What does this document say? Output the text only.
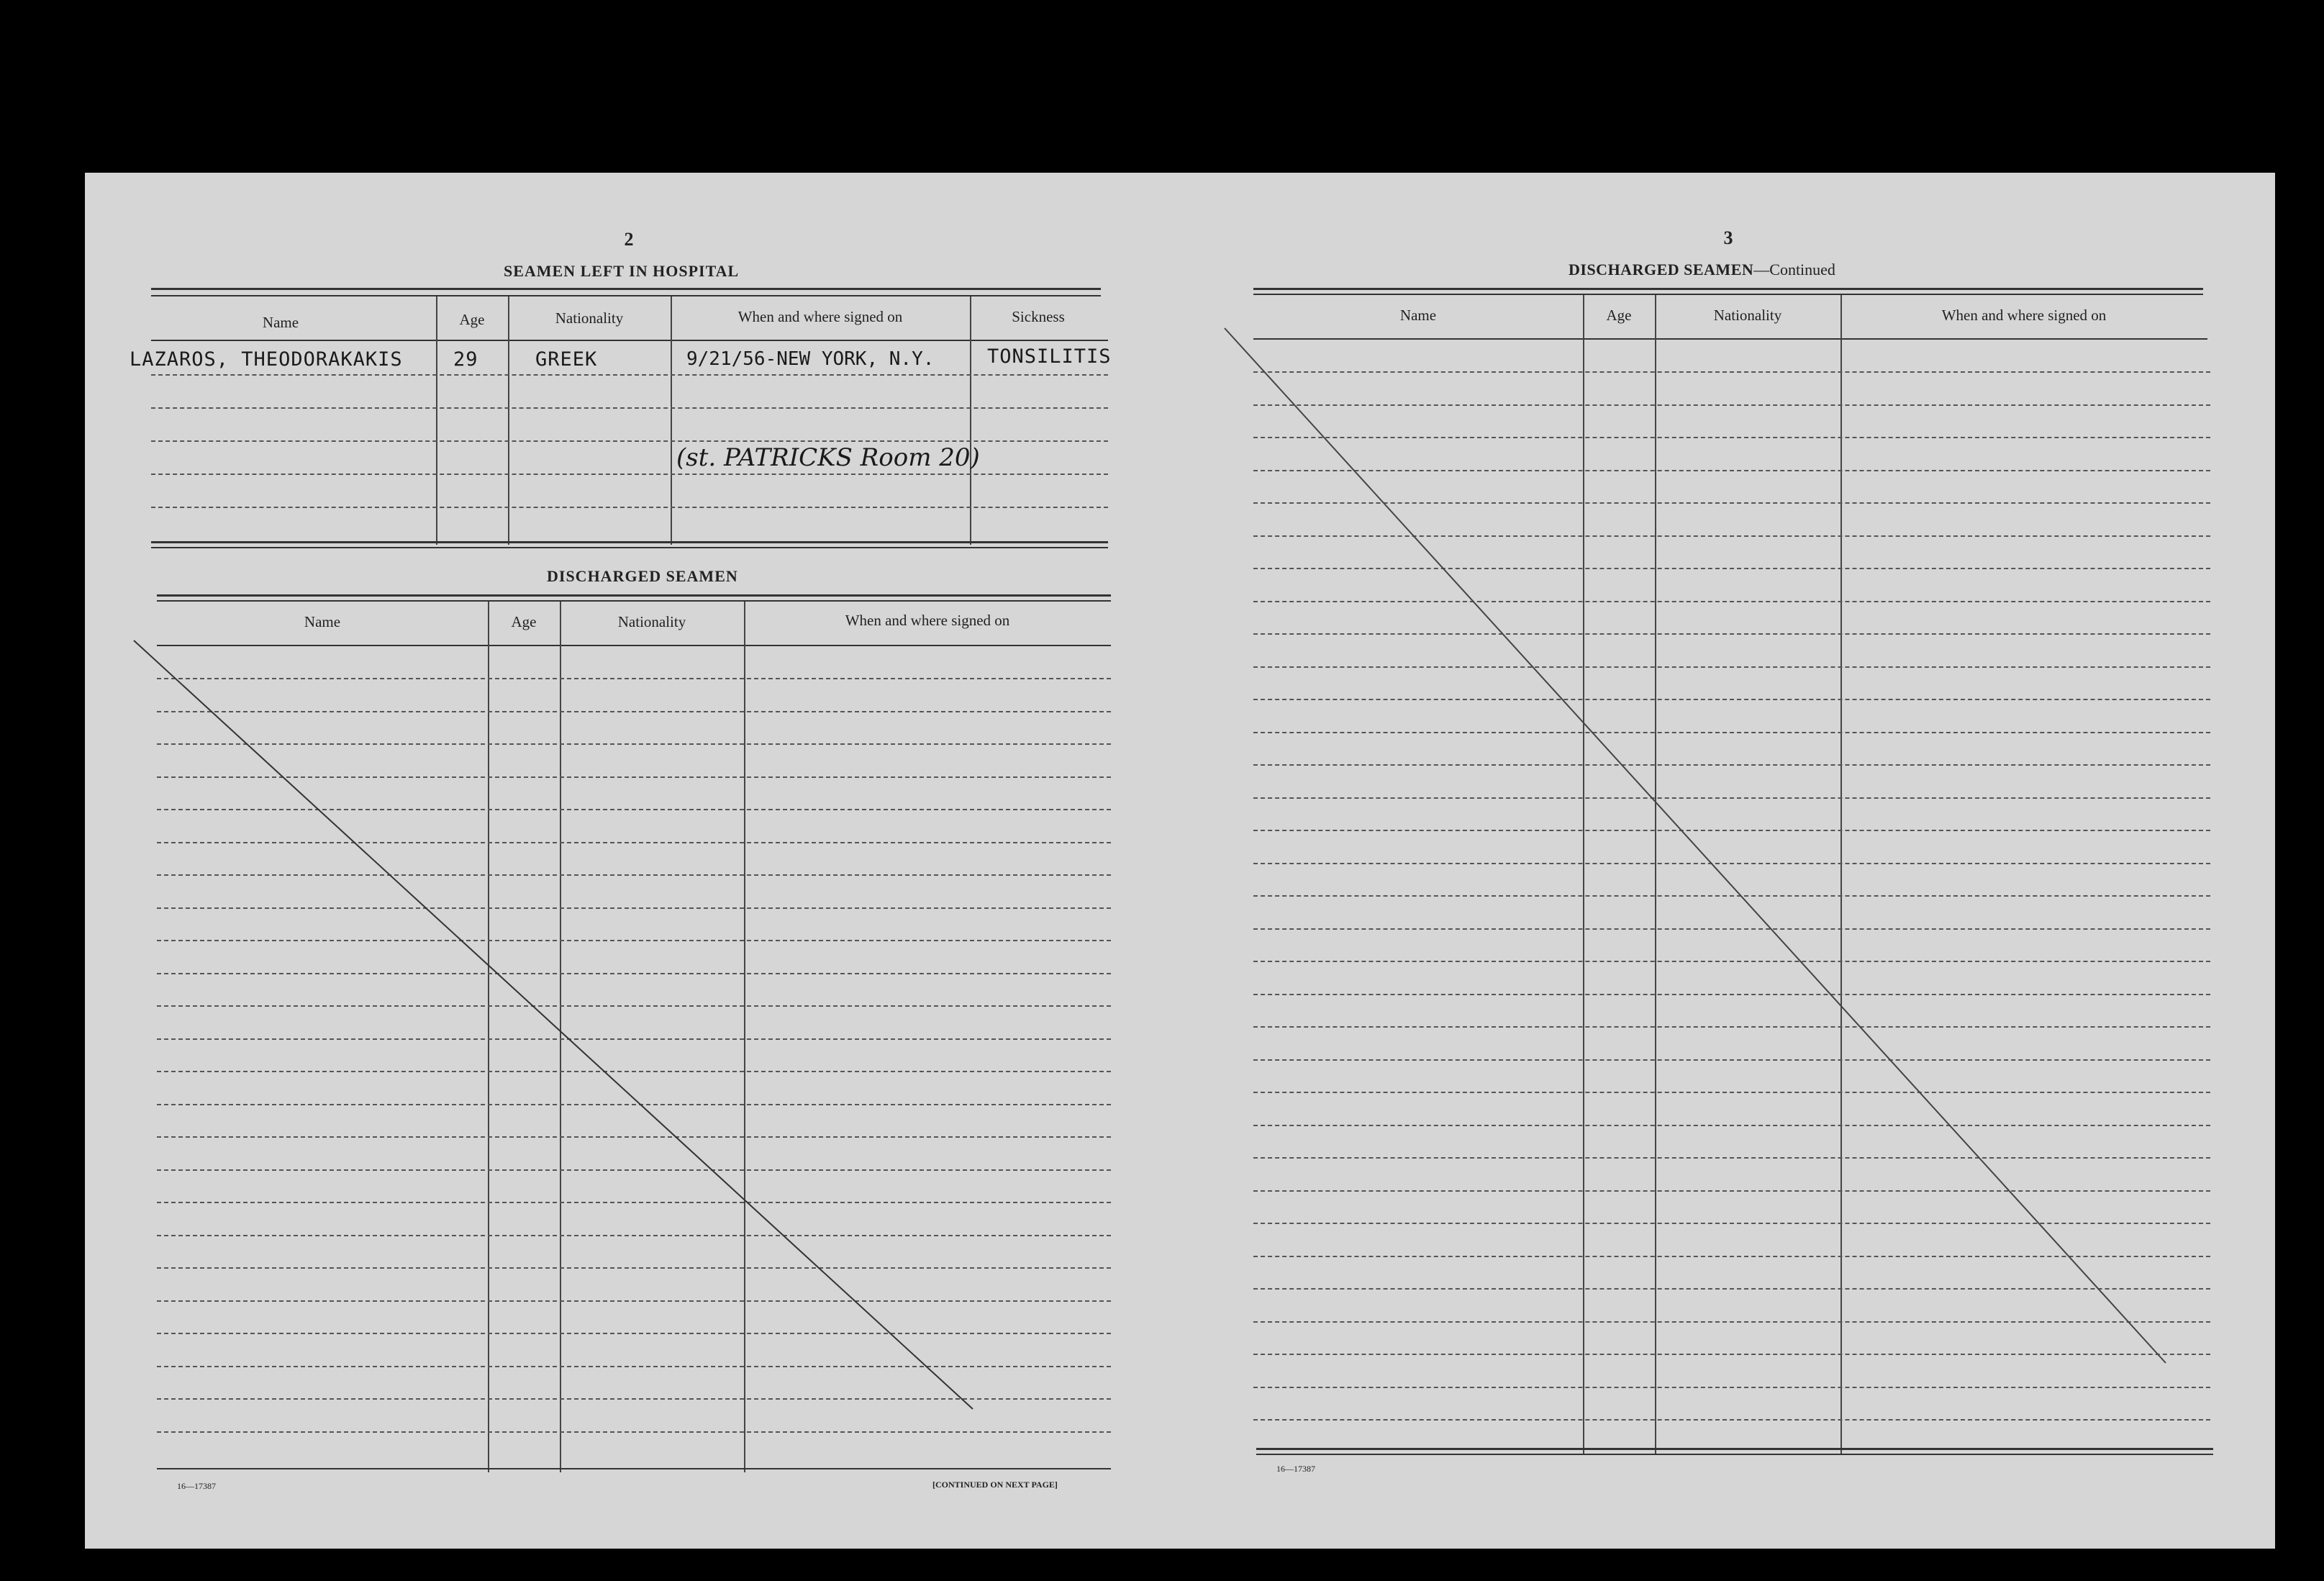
2
SEAMEN LEFT IN HOSPITAL
Name	Age	Nationality	When and where signed on	Sickness
LAZAROS, THEODORAKAKIS	29	GREEK	9/21/56-NEW YORK, N.Y.	TONSILITIS
(st. PATRICKS Room 20)
DISCHARGED SEAMEN
Name	Age	Nationality	When and where signed on
16—17387	[CONTINUED ON NEXT PAGE]
3
DISCHARGED SEAMEN—Continued
Name	Age	Nationality	When and where signed on
16—17387
